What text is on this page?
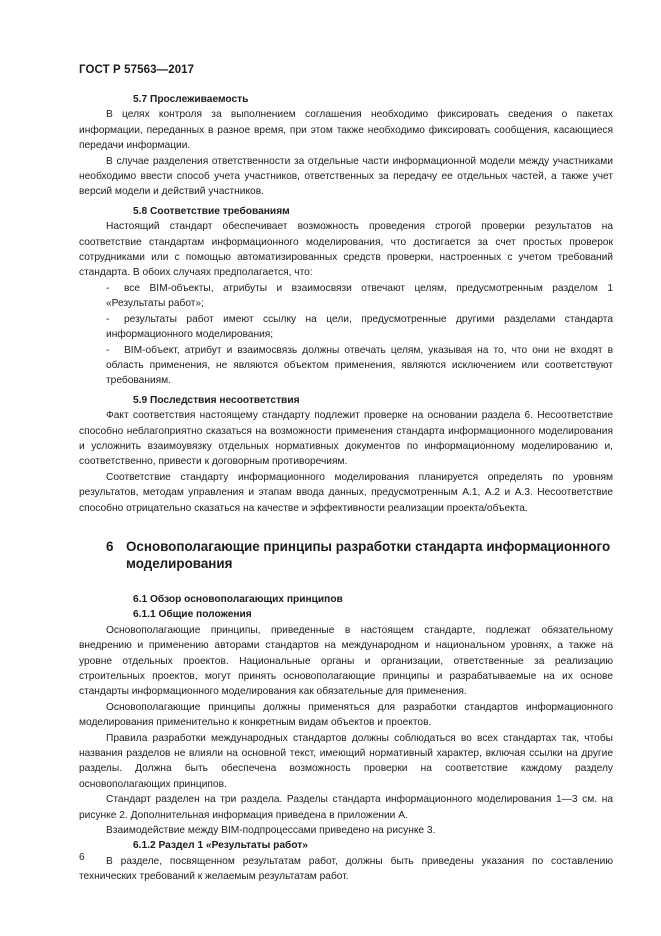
ГОСТ Р 57563—2017

5.7 Прослеживаемость

В целях контроля за выполнением соглашения необходимо фиксировать сведения о пакетах информации, переданных в разное время, при этом также необходимо фиксировать сообщения, касающиеся передачи информации.

В случае разделения ответственности за отдельные части информационной модели между участниками необходимо ввести способ учета участников, ответственных за передачу ее отдельных частей, а также учет версий модели и действий участников.

5.8 Соответствие требованиям

Настоящий стандарт обеспечивает возможность проведения строгой проверки результатов на соответствие стандартам информационного моделирования, что достигается за счет простых проверок сотрудниками или с помощью автоматизированных средств проверки, настроенных с учетом требований стандарта. В обоих случаях предполагается, что:

- все BIM-объекты, атрибуты и взаимосвязи отвечают целям, предусмотренным разделом 1 «Результаты работ»;

- результаты работ имеют ссылку на цели, предусмотренные другими разделами стандарта информационного моделирования;

- BIM-объект, атрибут и взаимосвязь должны отвечать целям, указывая на то, что они не входят в область применения, не являются объектом применения, являются исключением или соответствуют требованиям.

5.9 Последствия несоответствия

Факт соответствия настоящему стандарту подлежит проверке на основании раздела 6. Несоответствие способно неблагоприятно сказаться на возможности применения стандарта информационного моделирования и усложнить взаимоувязку отдельных нормативных документов по информационному моделированию и, соответственно, привести к договорным противоречиям.

Соответствие стандарту информационного моделирования планируется определять по уровням результатов, методам управления и этапам ввода данных, предусмотренным А.1, А.2 и А.3. Несоответствие способно отрицательно сказаться на качестве и эффективности реализации проекта/объекта.

6 Основополагающие принципы разработки стандарта информационного моделирования

6.1 Обзор основополагающих принципов

6.1.1 Общие положения

Основополагающие принципы, приведенные в настоящем стандарте, подлежат обязательному внедрению и применению авторами стандартов на международном и национальном уровнях, а также на уровне отдельных проектов. Национальные органы и организации, ответственные за реализацию строительных проектов, могут принять основополагающие принципы и разрабатываемые на их основе стандарты информационного моделирования как обязательные для применения.

Основополагающие принципы должны применяться для разработки стандартов информационного моделирования применительно к конкретным видам объектов и проектов.

Правила разработки международных стандартов должны соблюдаться во всех стандартах так, чтобы названия разделов не влияли на основной текст, имеющий нормативный характер, включая ссылки на другие разделы. Должна быть обеспечена возможность проверки на соответствие каждому разделу основополагающих принципов.

Стандарт разделен на три раздела. Разделы стандарта информационного моделирования 1—3 см. на рисунке 2. Дополнительная информация приведена в приложении А.

Взаимодействие между BIM-подпроцессами приведено на рисунке 3.

6.1.2 Раздел 1 «Результаты работ»

В разделе, посвященном результатам работ, должны быть приведены указания по составлению технических требований к желаемым результатам работ.

6
